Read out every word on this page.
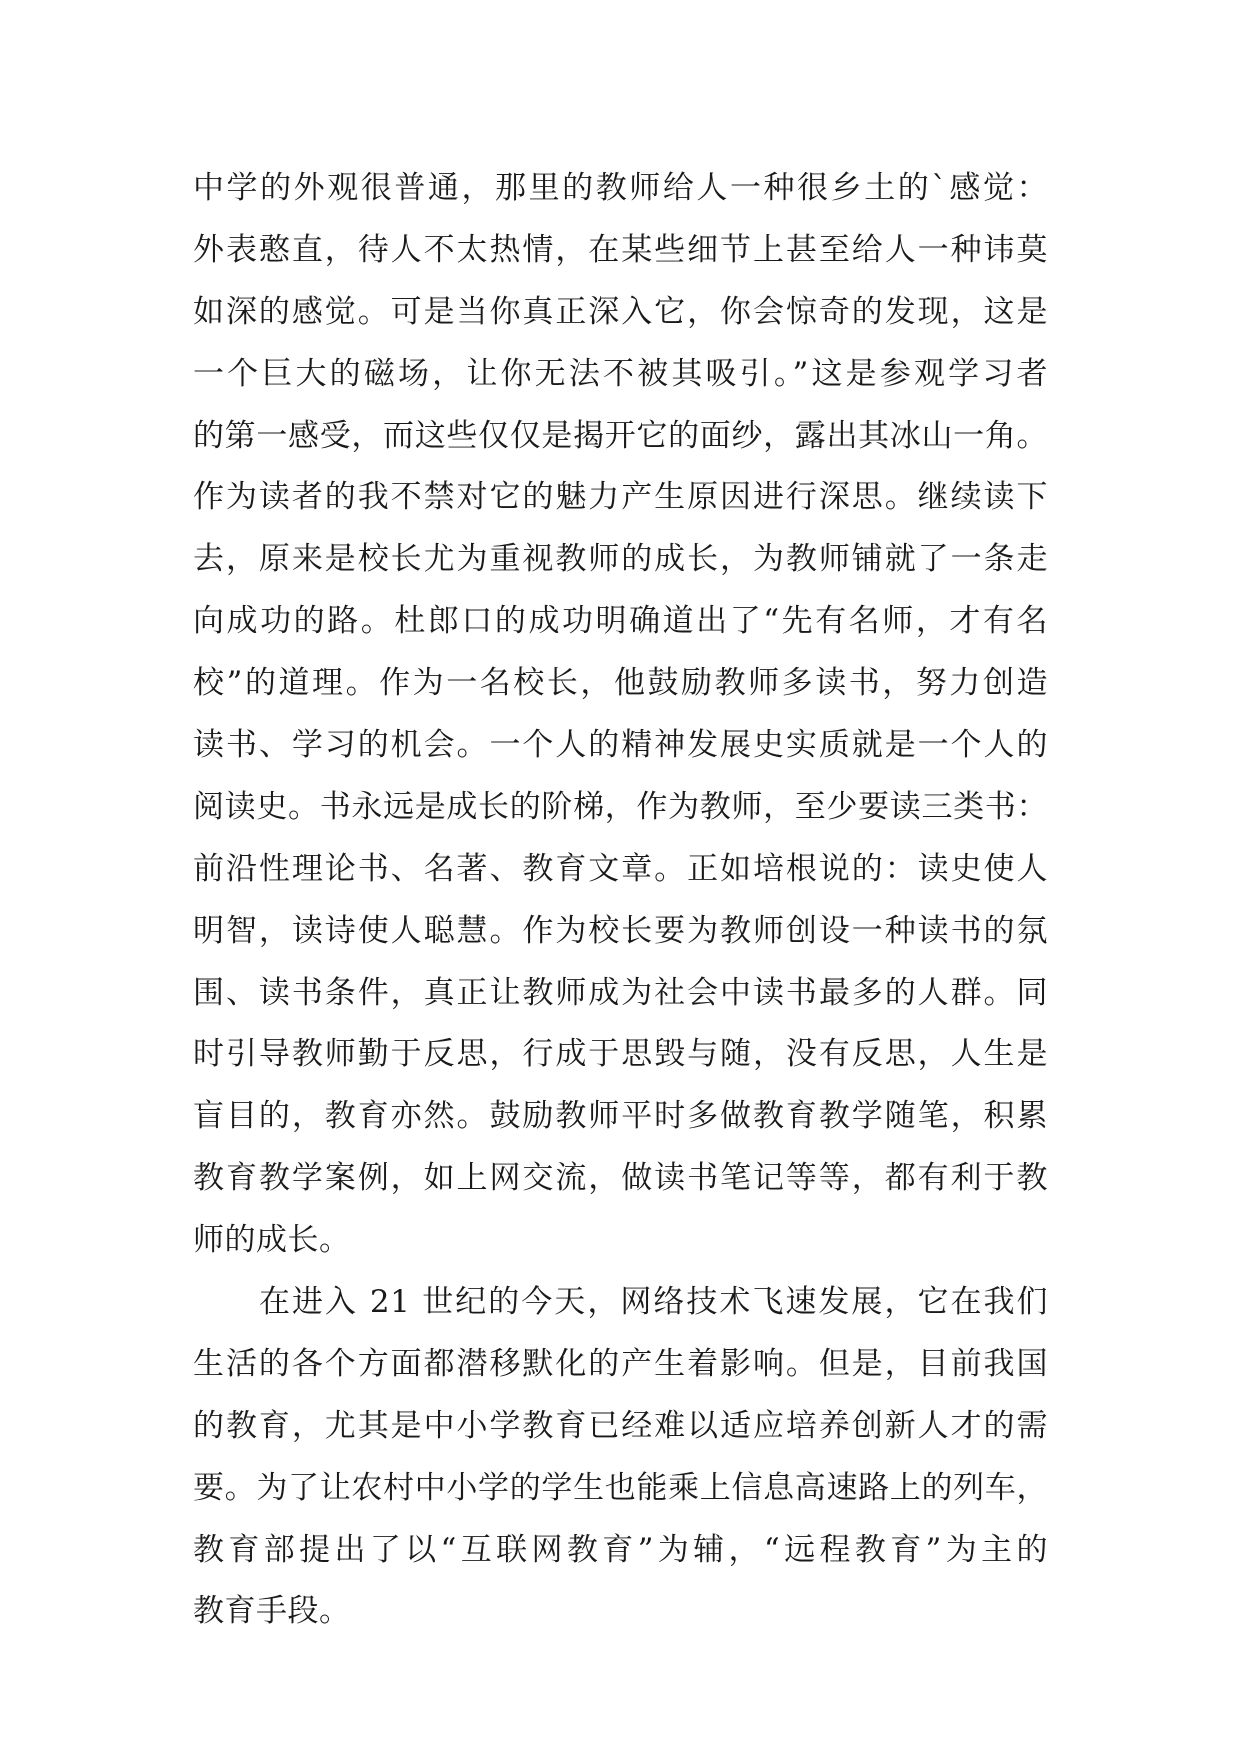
中学的外观很普通，那里的教师给人一种很乡土的`感觉：
外表憨直，待人不太热情，在某些细节上甚至给人一种讳莫
如深的感觉。可是当你真正深入它，你会惊奇的发现，这是
一个巨大的磁场，让你无法不被其吸引。”这是参观学习者
的第一感受，而这些仅仅是揭开它的面纱，露出其冰山一角。
作为读者的我不禁对它的魅力产生原因进行深思。继续读下
去，原来是校长尤为重视教师的成长，为教师铺就了一条走
向成功的路。杜郎口的成功明确道出了“先有名师，才有名
校”的道理。作为一名校长，他鼓励教师多读书，努力创造
读书、学习的机会。一个人的精神发展史实质就是一个人的
阅读史。书永远是成长的阶梯，作为教师，至少要读三类书：
前沿性理论书、名著、教育文章。正如培根说的：读史使人
明智，读诗使人聪慧。作为校长要为教师创设一种读书的氛
围、读书条件，真正让教师成为社会中读书最多的人群。同
时引导教师勤于反思，行成于思毁与随，没有反思，人生是
盲目的，教育亦然。鼓励教师平时多做教育教学随笔，积累
教育教学案例，如上网交流，做读书笔记等等，都有利于教
师的成长。
　　在进入 21 世纪的今天，网络技术飞速发展，它在我们
生活的各个方面都潜移默化的产生着影响。但是，目前我国
的教育，尤其是中小学教育已经难以适应培养创新人才的需
要。为了让农村中小学的学生也能乘上信息高速路上的列车，
教育部提出了以“互联网教育”为辅，“远程教育”为主的
教育手段。
